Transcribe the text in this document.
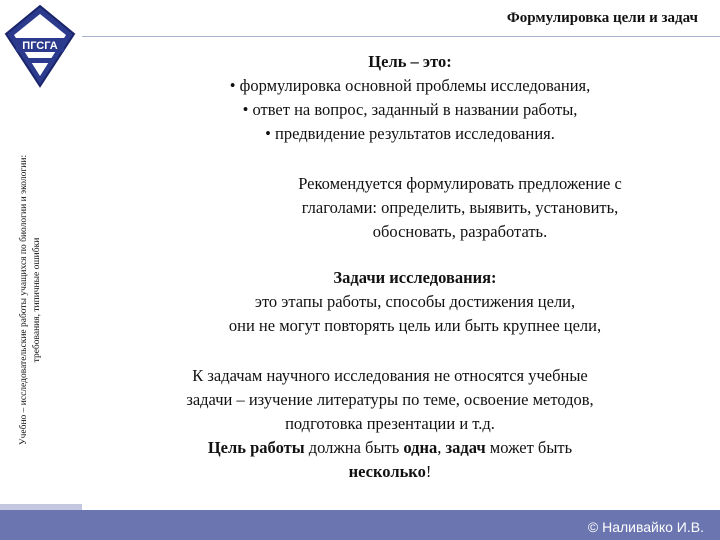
ПГСГА
Учебно – исследовательские работы учащихся по биологии и экологии: требования, типичные ошибки
Формулировка цели и задач
Цель – это:
• формулировка основной проблемы исследования,
• ответ на вопрос, заданный в названии работы,
• предвидение результатов исследования.
Рекомендуется формулировать предложение с
глаголами: определить, выявить, установить,
обосновать, разработать.
Задачи исследования:
это этапы работы, способы достижения цели,
они не могут повторять цель или быть крупнее цели,
К задачам научного исследования не относятся учебные
задачи – изучение литературы по теме, освоение методов,
подготовка презентации и т.д.
Цель работы должна быть одна, задач может быть
несколько!
© Наливайко И.В.
